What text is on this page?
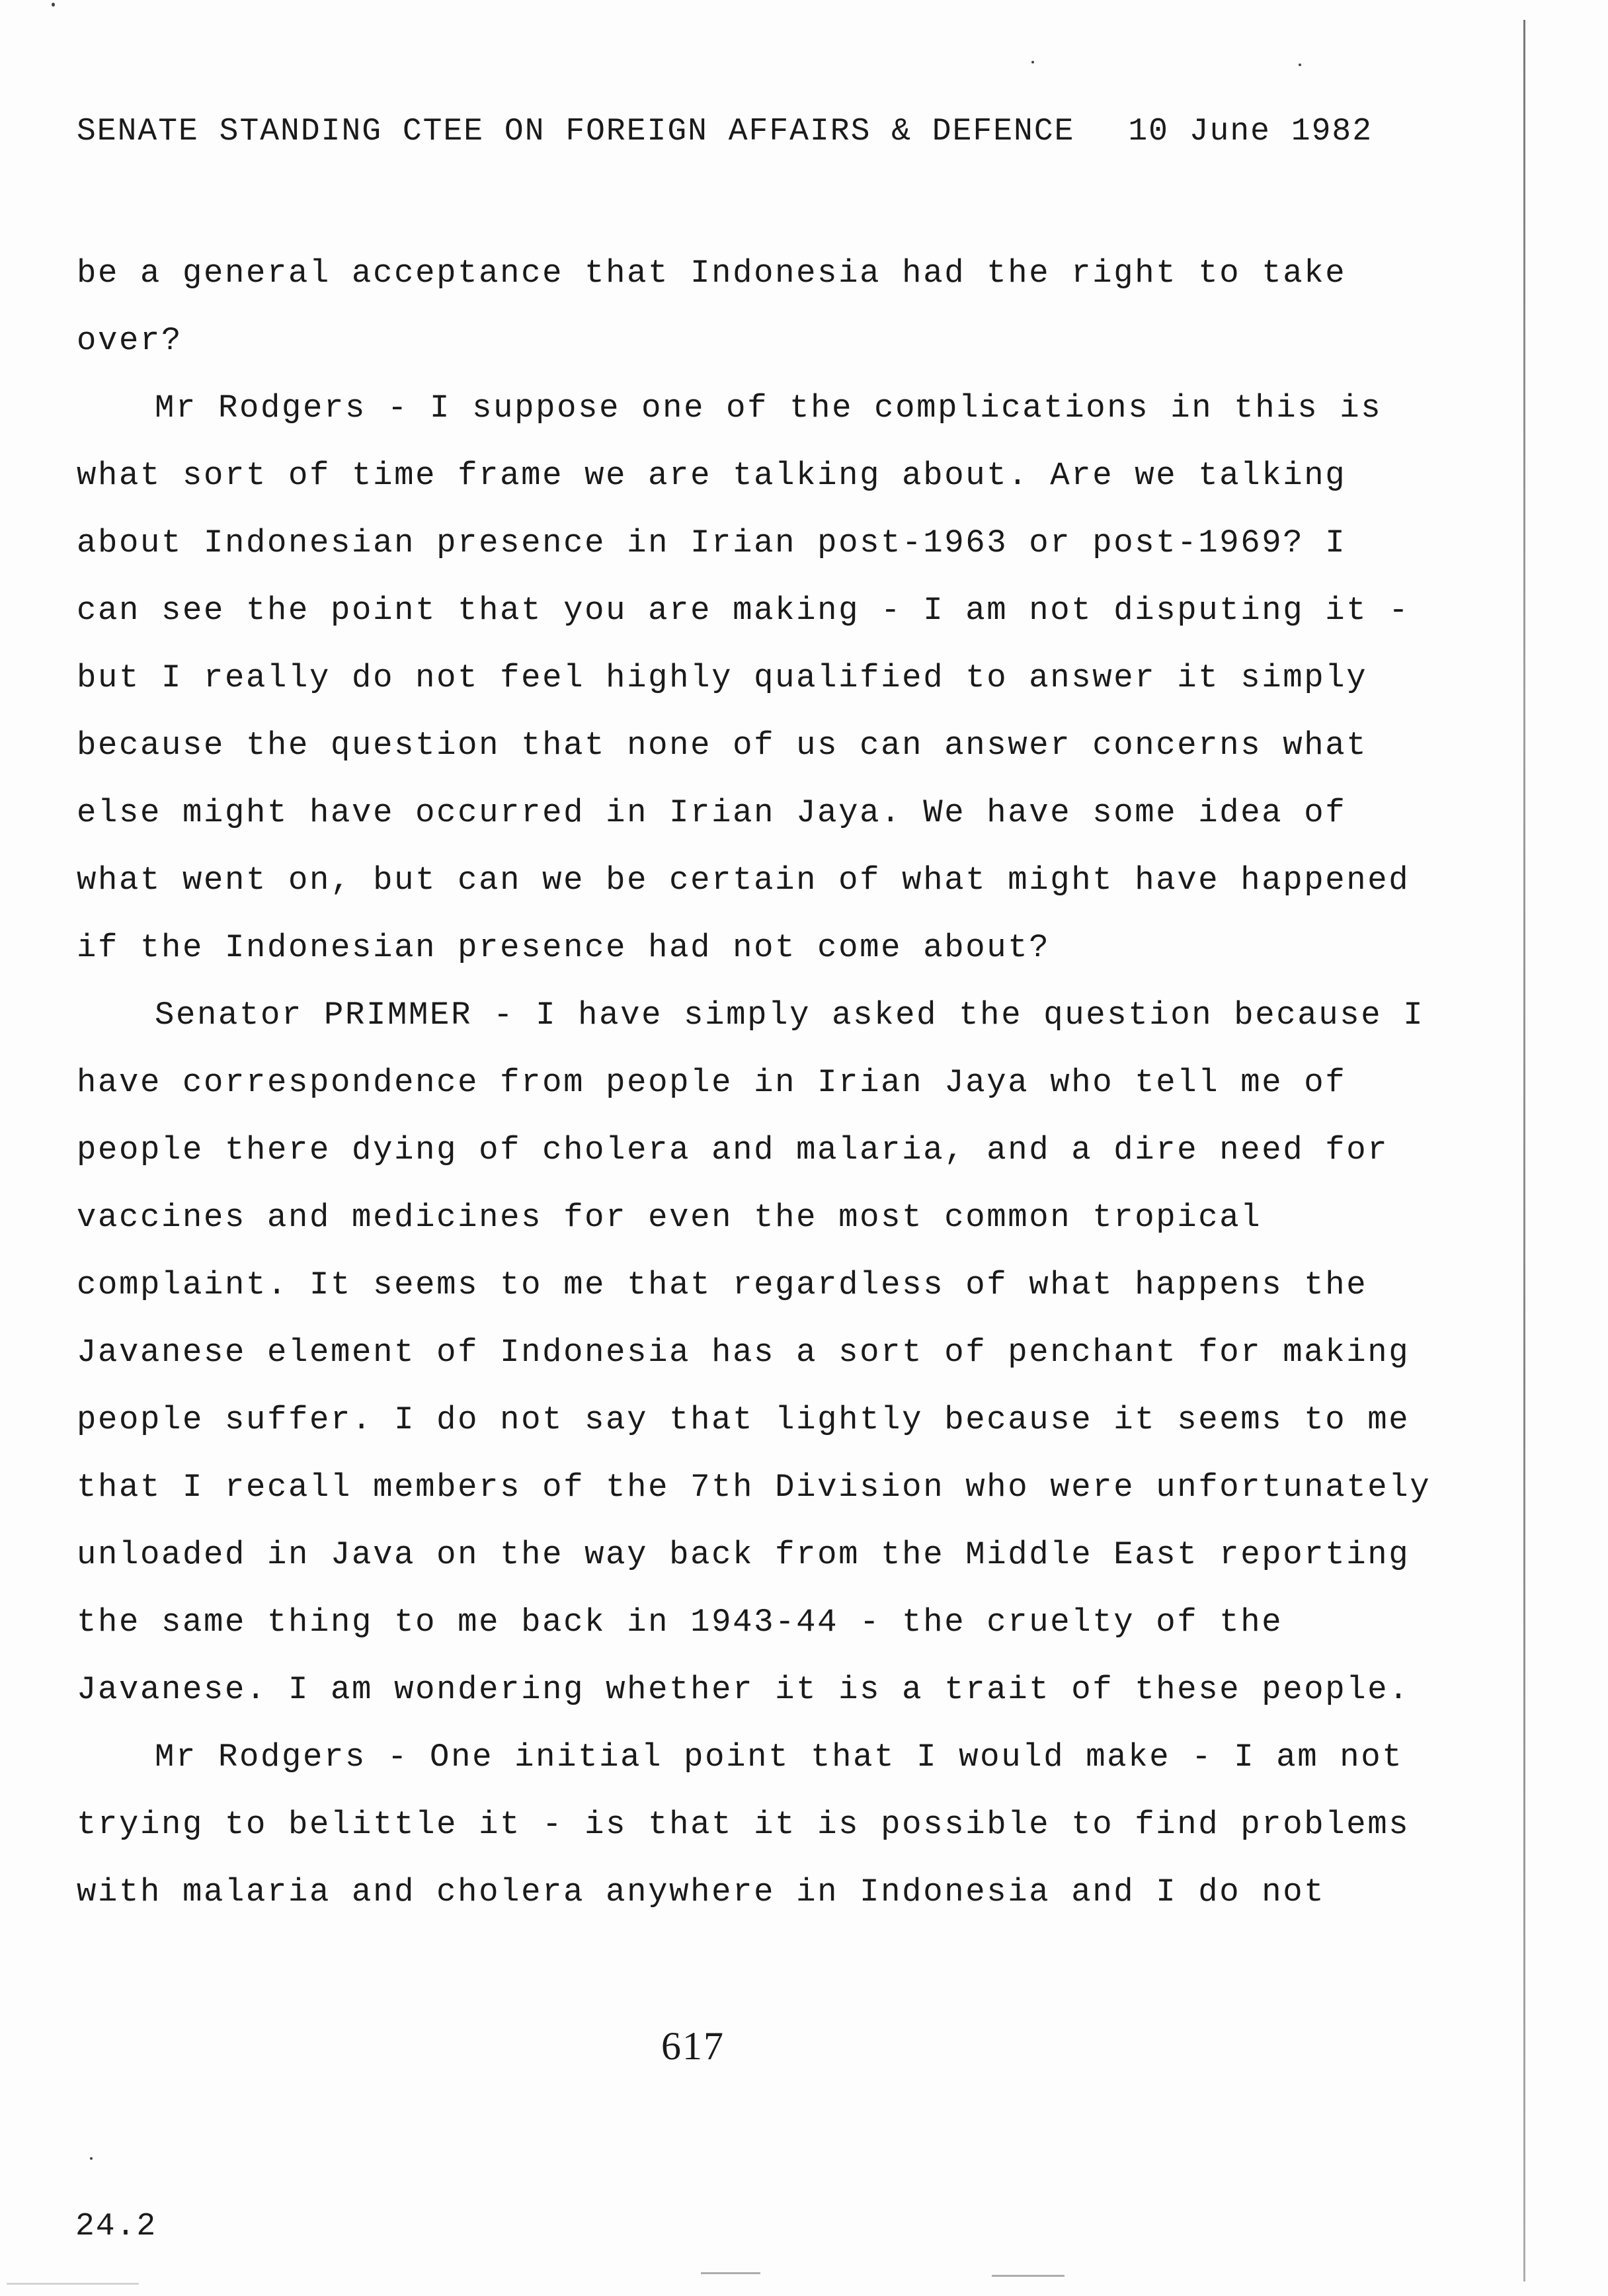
SENATE STANDING CTEE ON FOREIGN AFFAIRS & DEFENCE 10 June 1982
be a general acceptance that Indonesia had the right to take
over?
Mr Rodgers - I suppose one of the complications in this is
what sort of time frame we are talking about. Are we talking
about Indonesian presence in Irian post-1963 or post-1969? I
can see the point that you are making - I am not disputing it -
but I really do not feel highly qualified to answer it simply
because the question that none of us can answer concerns what
else might have occurred in Irian Jaya. We have some idea of
what went on, but can we be certain of what might have happened
if the Indonesian presence had not come about?
Senator PRIMMER - I have simply asked the question because I
have correspondence from people in Irian Jaya who tell me of
people there dying of cholera and malaria, and a dire need for
vaccines and medicines for even the most common tropical
complaint. It seems to me that regardless of what happens the
Javanese element of Indonesia has a sort of penchant for making
people suffer. I do not say that lightly because it seems to me
that I recall members of the 7th Division who were unfortunately
unloaded in Java on the way back from the Middle East reporting
the same thing to me back in 1943-44 - the cruelty of the
Javanese. I am wondering whether it is a trait of these people.
Mr Rodgers - One initial point that I would make - I am not
trying to belittle it - is that it is possible to find problems
with malaria and cholera anywhere in Indonesia and I do not
617
24.2
